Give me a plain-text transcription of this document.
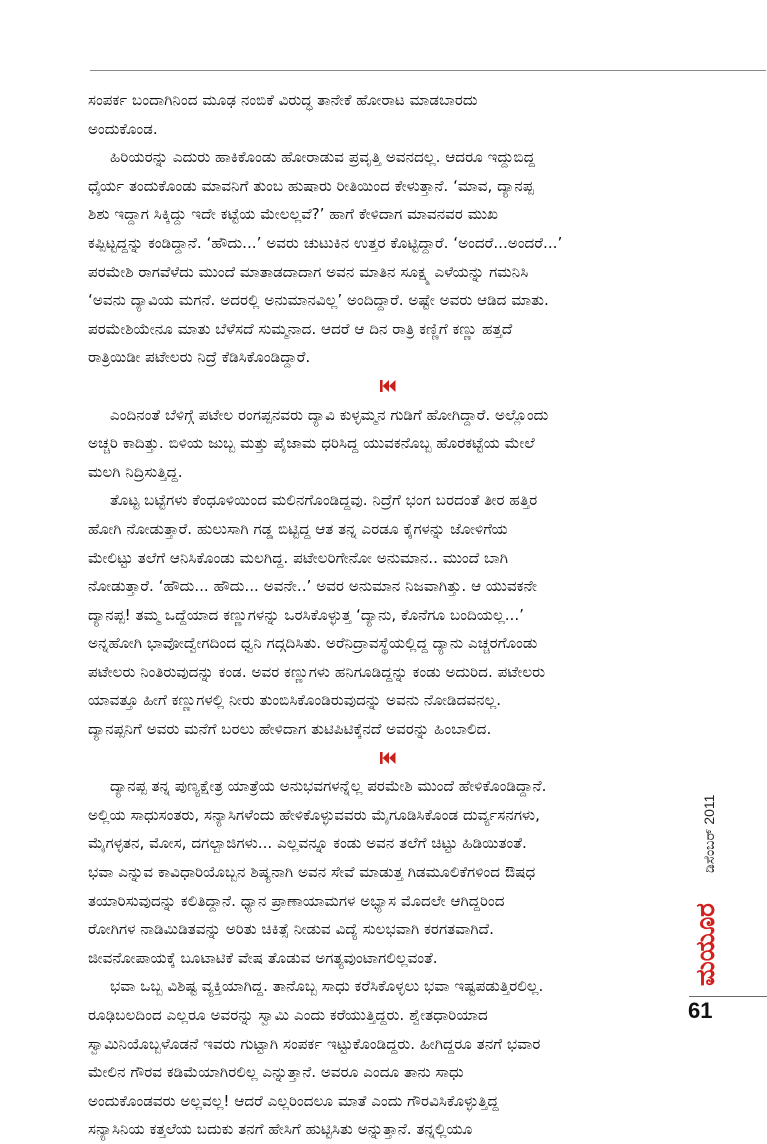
ಸಂಪರ್ಕ ಬಂದಾಗಿನಿಂದ ಮೂಢ ನಂಬಿಕೆ ವಿರುದ್ಧ ತಾನೇಕೆ ಹೋರಾಟ ಮಾಡಬಾರದು
ಅಂದುಕೊಂಡ.
ಹಿರಿಯರನ್ನು ಎದುರು ಹಾಕಿಕೊಂಡು ಹೋರಾಡುವ ಪ್ರವೃತ್ತಿ ಅವನದಲ್ಲ. ಆದರೂ ಇದ್ದುಬಿದ್ದ
ಧೈರ್ಯ ತಂದುಕೊಂಡು ಮಾವನಿಗೆ ತುಂಬ ಹುಷಾರು ರೀತಿಯಿಂದ ಕೇಳುತ್ತಾನೆ. ‘ಮಾವ, ದ್ಯಾನಪ್ಪ
ಶಿಶು ಇದ್ದಾಗ ಸಿಕ್ಕಿದ್ದು ಇದೇ ಕಟ್ಟೆಯ ಮೇಲಲ್ಲವೆ?’ ಹಾಗೆ ಕೇಳಿದಾಗ ಮಾವನವರ ಮುಖ
ಕಪ್ಪಿಟ್ಟದ್ದನ್ನು ಕಂಡಿದ್ದಾನೆ. ‘ಹೌದು...’ ಅವರು ಚುಟುಕಿನ ಉತ್ತರ ಕೊಟ್ಟಿದ್ದಾರೆ. ‘ಅಂದರೆ...ಅಂದರೆ...’
ಪರಮೇಶಿ ರಾಗವೆಳೆದು ಮುಂದೆ ಮಾತಾಡದಾದಾಗ ಅವನ ಮಾತಿನ ಸೂಕ್ಷ್ಮ ಎಳೆಯನ್ನು ಗಮನಿಸಿ
‘ಅವನು ದ್ಯಾವಿಯ ಮಗನೆ. ಅದರಲ್ಲಿ ಅನುಮಾನವಿಲ್ಲ’ ಅಂದಿದ್ದಾರೆ. ಅಷ್ಟೇ ಅವರು ಆಡಿದ ಮಾತು.
ಪರಮೇಶಿಯೇನೂ ಮಾತು ಬೆಳೆಸದೆ ಸುಮ್ಮನಾದ. ಆದರೆ ಆ ದಿನ ರಾತ್ರಿ ಕಣ್ಣಿಗೆ ಕಣ್ಣು ಹತ್ತದೆ
ರಾತ್ರಿಯಿಡೀ ಪಟೇಲರು ನಿದ್ರೆ ಕೆಡಿಸಿಕೊಂಡಿದ್ದಾರೆ.
ಎಂದಿನಂತೆ ಬೆಳಿಗ್ಗೆ ಪಟೇಲ ರಂಗಪ್ಪನವರು ದ್ಯಾವಿ ಕುಳ್ಳಮ್ಮನ ಗುಡಿಗೆ ಹೋಗಿದ್ದಾರೆ. ಅಲ್ಲೊಂದು
ಅಚ್ಚರಿ ಕಾದಿತ್ತು. ಬಿಳಿಯ ಜುಬ್ಬ ಮತ್ತು ಪೈಜಾಮ ಧರಿಸಿದ್ದ ಯುವಕನೊಬ್ಬ ಹೊರಕಟ್ಟೆಯ ಮೇಲೆ
ಮಲಗಿ ನಿದ್ರಿಸುತ್ತಿದ್ದ.
ತೊಟ್ಟ ಬಟ್ಟೆಗಳು ಕೆಂಧೂಳಿಯಿಂದ ಮಲಿನಗೊಂಡಿದ್ದವು. ನಿದ್ರೆಗೆ ಭಂಗ ಬರದಂತೆ ತೀರ ಹತ್ತಿರ
ಹೋಗಿ ನೋಡುತ್ತಾರೆ. ಹುಲುಸಾಗಿ ಗಡ್ಡ ಬಿಟ್ಟಿದ್ದ ಆತ ತನ್ನ ಎರಡೂ ಕೈಗಳನ್ನು ಜೋಳಿಗೆಯ
ಮೇಲಿಟ್ಟು ತಲೆಗೆ ಆನಿಸಿಕೊಂಡು ಮಲಗಿದ್ದ. ಪಟೇಲರಿಗೇನೋ ಅನುಮಾನ.. ಮುಂದೆ ಬಾಗಿ
ನೋಡುತ್ತಾರೆ. ‘ಹೌದು... ಹೌದು... ಅವನೇ..’ ಅವರ ಅನುಮಾನ ನಿಜವಾಗಿತ್ತು. ಆ ಯುವಕನೇ
ದ್ಯಾನಪ್ಪ! ತಮ್ಮ ಒದ್ದೆಯಾದ ಕಣ್ಣುಗಳನ್ನು ಒರಸಿಕೊಳ್ಳುತ್ತ ‘ದ್ಯಾನು, ಕೊನೆಗೂ ಬಂದಿಯಲ್ಲ...’
ಅನ್ನಹೋಗಿ ಭಾವೋದ್ವೇಗದಿಂದ ಧ್ವನಿ ಗದ್ಗದಿಸಿತು. ಅರೆನಿದ್ರಾವಸ್ಥೆಯಲ್ಲಿದ್ದ ದ್ಯಾನು ಎಚ್ಚರಗೊಂಡು
ಪಟೇಲರು ನಿಂತಿರುವುದನ್ನು ಕಂಡ. ಅವರ ಕಣ್ಣುಗಳು ಹನಿಗೂಡಿದ್ದನ್ನು ಕಂಡು ಅದುರಿದ. ಪಟೇಲರು
ಯಾವತ್ತೂ ಹೀಗೆ ಕಣ್ಣುಗಳಲ್ಲಿ ನೀರು ತುಂಬಿಸಿಕೊಂಡಿರುವುದನ್ನು ಅವನು ನೋಡಿದವನಲ್ಲ.
ದ್ಯಾನಪ್ಪನಿಗೆ ಅವರು ಮನೆಗೆ ಬರಲು ಹೇಳಿದಾಗ ತುಟಿಪಿಟಿಕ್ಕೆನದೆ ಅವರನ್ನು ಹಿಂಬಾಲಿದ.
ದ್ಯಾನಪ್ಪ ತನ್ನ ಪುಣ್ಯಕ್ಷೇತ್ರ ಯಾತ್ರೆಯ ಅನುಭವಗಳನ್ನೆಲ್ಲ ಪರಮೇಶಿ ಮುಂದೆ ಹೇಳಿಕೊಂಡಿದ್ದಾನೆ.
ಅಲ್ಲಿಯ ಸಾಧುಸಂತರು, ಸನ್ಯಾಸಿಗಳೆಂದು ಹೇಳಿಕೊಳ್ಳುವವರು ಮೈಗೂಡಿಸಿಕೊಂಡ ದುರ್ವ್ಯಸನಗಳು,
ಮೈಗಳ್ಳತನ, ಮೋಸ, ದಗಲ್ಬಾಜಿಗಳು... ಎಲ್ಲವನ್ನೂ ಕಂಡು ಅವನ ತಲೆಗೆ ಚಿಟ್ಟು ಹಿಡಿಯಿತಂತೆ.
ಭವಾ ಎನ್ನುವ ಕಾವಿಧಾರಿಯೊಬ್ಬನ ಶಿಷ್ಯನಾಗಿ ಅವನ ಸೇವೆ ಮಾಡುತ್ತ ಗಿಡಮೂಲಿಕೆಗಳಿಂದ ಔಷಧ
ತಯಾರಿಸುವುದನ್ನು ಕಲಿತಿದ್ದಾನೆ. ಧ್ಯಾನ ಪ್ರಾಣಾಯಾಮಗಳ ಅಭ್ಯಾಸ ಮೊದಲೇ ಆಗಿದ್ದರಿಂದ
ರೋಗಿಗಳ ನಾಡಿಮಿಡಿತವನ್ನು ಅರಿತು ಚಿಕಿತ್ಸೆ ನೀಡುವ ವಿದ್ಯೆ ಸುಲಭವಾಗಿ ಕರಗತವಾಗಿದೆ.
ಜೀವನೋಪಾಯಕ್ಕೆ ಬೂಟಾಟಿಕೆ ವೇಷ ತೊಡುವ ಅಗತ್ಯವುಂಟಾಗಲಿಲ್ಲವಂತೆ.
ಭವಾ ಒಬ್ಬ ವಿಶಿಷ್ಟ ವ್ಯಕ್ತಿಯಾಗಿದ್ದ. ತಾನೊಬ್ಬ ಸಾಧು ಕರೆಸಿಕೊಳ್ಳಲು ಭವಾ ಇಷ್ಟಪಡುತ್ತಿರಲಿಲ್ಲ.
ರೂಢಿಬಲದಿಂದ ಎಲ್ಲರೂ ಅವರನ್ನು ಸ್ವಾಮಿ ಎಂದು ಕರೆಯುತ್ತಿದ್ದರು. ಶ್ವೇತಧಾರಿಯಾದ
ಸ್ವಾಮಿನಿಯೊಬ್ಬಳೊಡನೆ ಇವರು ಗುಟ್ಟಾಗಿ ಸಂಪರ್ಕ ಇಟ್ಟುಕೊಂಡಿದ್ದರು. ಹೀಗಿದ್ದರೂ ತನಗೆ ಭವಾರ
ಮೇಲಿನ ಗೌರವ ಕಡಿಮೆಯಾಗಿರಲಿಲ್ಲ ಎನ್ನುತ್ತಾನೆ. ಅವರೂ ಎಂದೂ ತಾನು ಸಾಧು
ಅಂದುಕೊಂಡವರು ಅಲ್ಲವಲ್ಲ! ಆದರೆ ಎಲ್ಲರಿಂದಲೂ ಮಾತೆ ಎಂದು ಗೌರವಿಸಿಕೊಳ್ಳುತ್ತಿದ್ದ
ಸನ್ಯಾಸಿನಿಯ ಕತ್ತಲೆಯ ಬದುಕು ತನಗೆ ಹೇಸಿಗೆ ಹುಟ್ಟಿಸಿತು ಅನ್ನುತ್ತಾನೆ. ತನ್ನಲ್ಲಿಯೂ
ಡಿಸೆಂಬರ್ 2011
ಮಯೂರ
61
